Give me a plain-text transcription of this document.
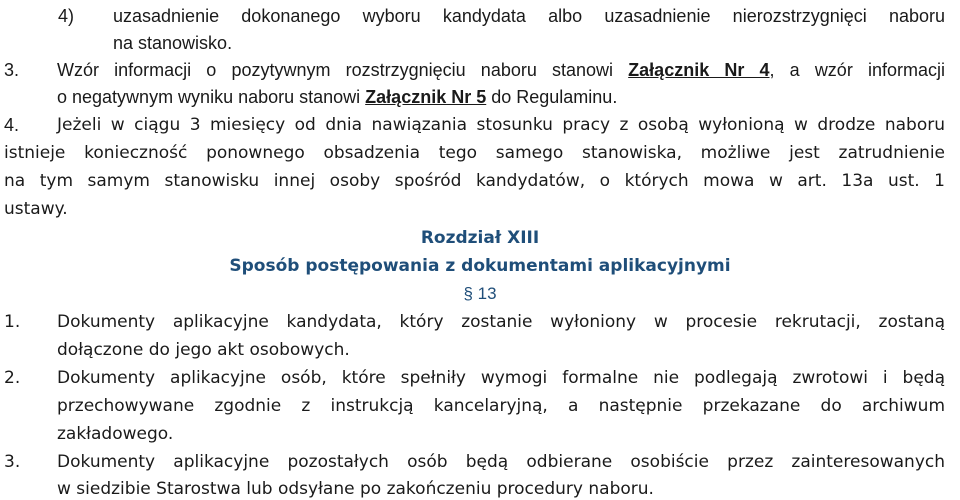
4) uzasadnienie dokonanego wyboru kandydata albo uzasadnienie nierozstrzygnięci naboru
na stanowisko.
3. Wzór informacji o pozytywnym rozstrzygnięciu naboru stanowi Załącznik Nr 4, a wzór informacji
o negatywnym wyniku naboru stanowi Załącznik Nr 5 do Regulaminu.
4. Jeżeli w ciągu 3 miesięcy od dnia nawiązania stosunku pracy z osobą wyłonioną w drodze naboru
istnieje konieczność ponownego obsadzenia tego samego stanowiska, możliwe jest zatrudnienie
na tym samym stanowisku innej osoby spośród kandydatów, o których mowa w art. 13a ust. 1
ustawy.
Rozdział XIII
Sposób postępowania z dokumentami aplikacyjnymi
§ 13
1. Dokumenty aplikacyjne kandydata, który zostanie wyłoniony w procesie rekrutacji, zostaną
dołączone do jego akt osobowych.
2. Dokumenty aplikacyjne osób, które spełniły wymogi formalne nie podlegają zwrotowi i będą
przechowywane zgodnie z instrukcją kancelaryjną, a następnie przekazane do archiwum
zakładowego.
3. Dokumenty aplikacyjne pozostałych osób będą odbierane osobiście przez zainteresowanych
w siedzibie Starostwa lub odsyłane po zakończeniu procedury naboru.
